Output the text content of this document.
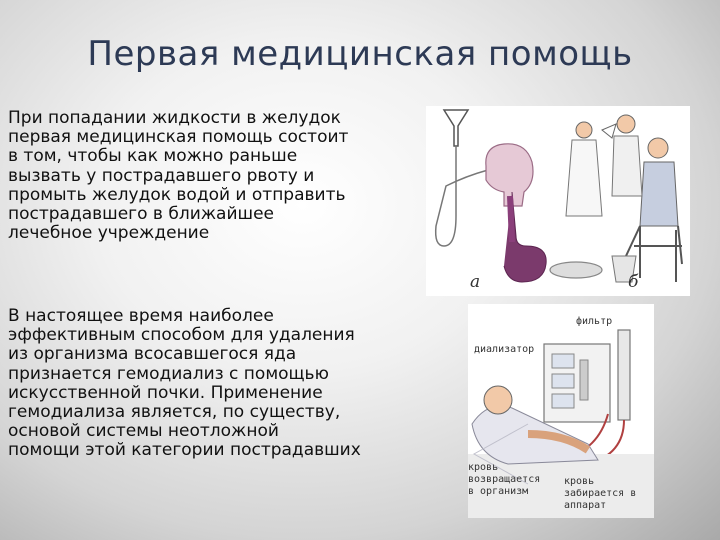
Первая медицинская помощь
При попадании жидкости в желудок
первая медицинская помощь состоит
в том, чтобы как можно раньше
вызвать у пострадавшего рвоту и
промыть желудок водой и отправить
пострадавшего в ближайшее
лечебное учреждение
В настоящее время наиболее
эффективным способом для удаления
из организма всосавшегося яда
признается гемодиализ с помощью
искусственной почки. Применение
гемодиализа является, по существу,
основой системы неотложной
помощи этой категории пострадавших
а	б
фильтр
диализатор
кровь
возвращается
в организм
кровь
забирается в
аппарат
